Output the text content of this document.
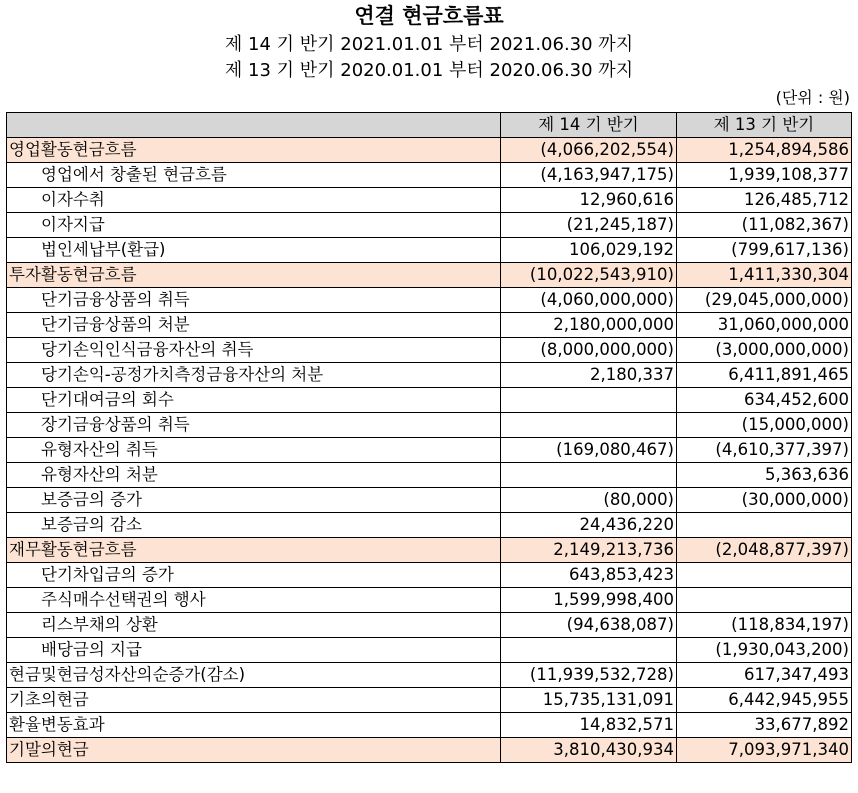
연결 현금흐름표
제 14 기 반기 2021.01.01 부터 2021.06.30 까지
제 13 기 반기 2020.01.01 부터 2020.06.30 까지
(단위 : 원)
	제 14 기 반기	제 13 기 반기
영업활동현금흐름	(4,066,202,554)	1,254,894,586
영업에서 창출된 현금흐름	(4,163,947,175)	1,939,108,377
이자수취	12,960,616	126,485,712
이자지급	(21,245,187)	(11,082,367)
법인세납부(환급)	106,029,192	(799,617,136)
투자활동현금흐름	(10,022,543,910)	1,411,330,304
단기금융상품의 취득	(4,060,000,000)	(29,045,000,000)
단기금융상품의 처분	2,180,000,000	31,060,000,000
당기손익인식금융자산의 취득	(8,000,000,000)	(3,000,000,000)
당기손익-공정가치측정금융자산의 처분	2,180,337	6,411,891,465
단기대여금의 회수		634,452,600
장기금융상품의 취득		(15,000,000)
유형자산의 취득	(169,080,467)	(4,610,377,397)
유형자산의 처분		5,363,636
보증금의 증가	(80,000)	(30,000,000)
보증금의 감소	24,436,220	
재무활동현금흐름	2,149,213,736	(2,048,877,397)
단기차입금의 증가	643,853,423	
주식매수선택권의 행사	1,599,998,400	
리스부채의 상환	(94,638,087)	(118,834,197)
배당금의 지급		(1,930,043,200)
현금및현금성자산의순증가(감소)	(11,939,532,728)	617,347,493
기초의현금	15,735,131,091	6,442,945,955
환율변동효과	14,832,571	33,677,892
기말의현금	3,810,430,934	7,093,971,340
